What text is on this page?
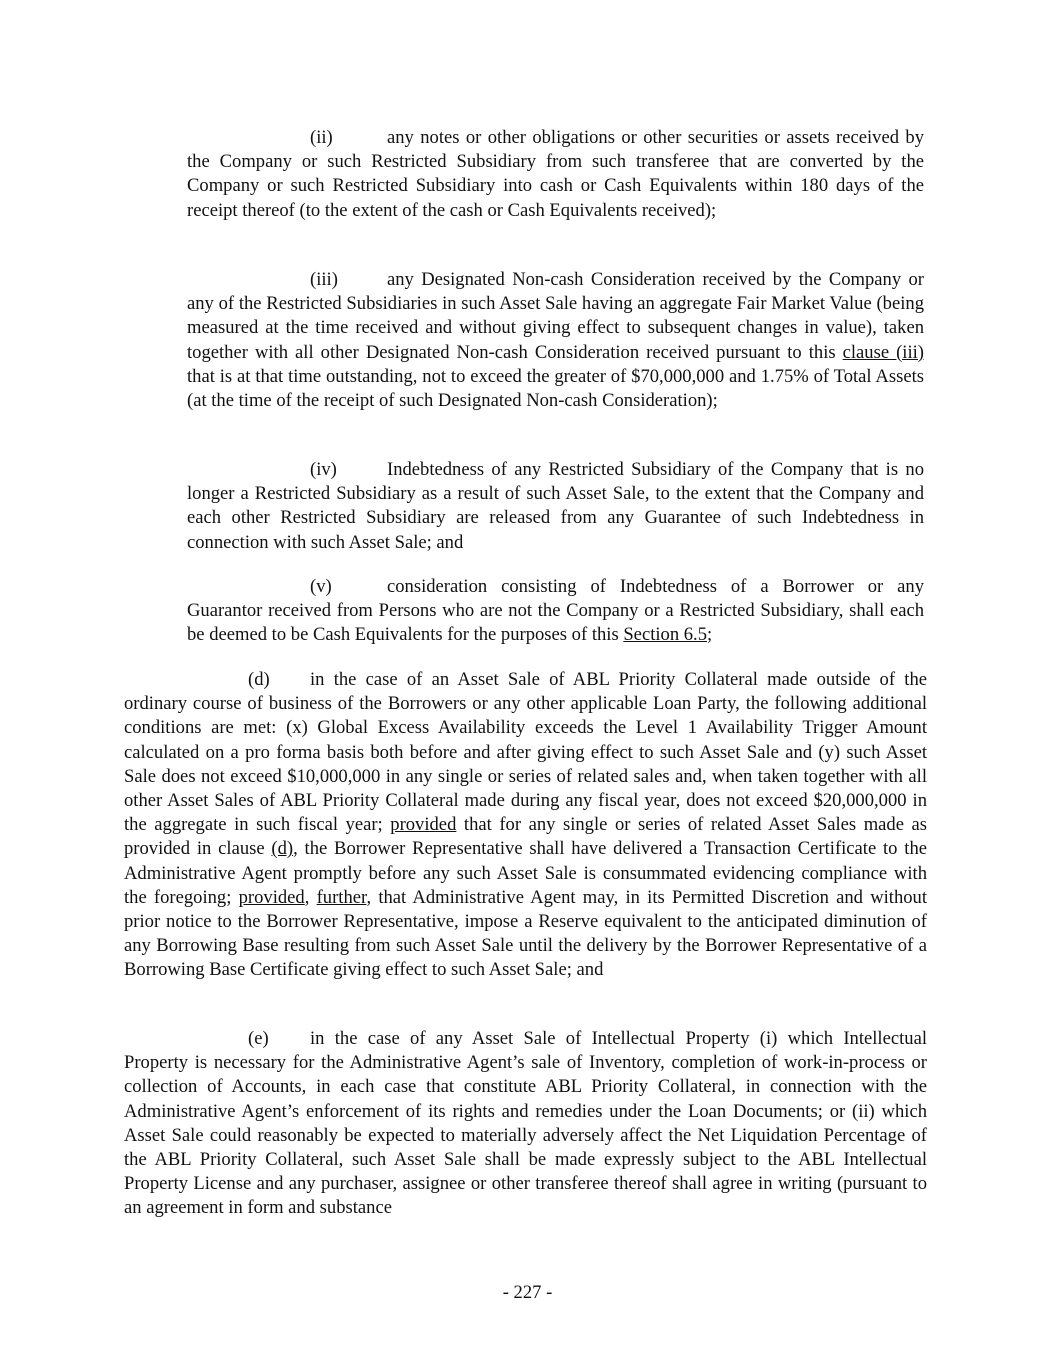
(ii)	any notes or other obligations or other securities or assets received by the Company or such Restricted Subsidiary from such transferee that are converted by the Company or such Restricted Subsidiary into cash or Cash Equivalents within 180 days of the receipt thereof (to the extent of the cash or Cash Equivalents received);

(iii)	any Designated Non-cash Consideration received by the Company or any of the Restricted Subsidiaries in such Asset Sale having an aggregate Fair Market Value (being measured at the time received and without giving effect to subsequent changes in value), taken together with all other Designated Non-cash Consideration received pursuant to this clause (iii) that is at that time outstanding, not to exceed the greater of $70,000,000 and 1.75% of Total Assets (at the time of the receipt of such Designated Non-cash Consideration);

(iv)	Indebtedness of any Restricted Subsidiary of the Company that is no longer a Restricted Subsidiary as a result of such Asset Sale, to the extent that the Company and each other Restricted Subsidiary are released from any Guarantee of such Indebtedness in connection with such Asset Sale; and

(v)	consideration consisting of Indebtedness of a Borrower or any Guarantor received from Persons who are not the Company or a Restricted Subsidiary, shall each be deemed to be Cash Equivalents for the purposes of this Section 6.5;

(d) in the case of an Asset Sale of ABL Priority Collateral made outside of the ordinary course of business of the Borrowers or any other applicable Loan Party, the following additional conditions are met: (x) Global Excess Availability exceeds the Level 1 Availability Trigger Amount calculated on a pro forma basis both before and after giving effect to such Asset Sale and (y) such Asset Sale does not exceed $10,000,000 in any single or series of related sales and, when taken together with all other Asset Sales of ABL Priority Collateral made during any fiscal year, does not exceed $20,000,000 in the aggregate in such fiscal year; provided that for any single or series of related Asset Sales made as provided in clause (d), the Borrower Representative shall have delivered a Transaction Certificate to the Administrative Agent promptly before any such Asset Sale is consummated evidencing compliance with the foregoing; provided, further, that Administrative Agent may, in its Permitted Discretion and without prior notice to the Borrower Representative, impose a Reserve equivalent to the anticipated diminution of any Borrowing Base resulting from such Asset Sale until the delivery by the Borrower Representative of a Borrowing Base Certificate giving effect to such Asset Sale; and

(e) in the case of any Asset Sale of Intellectual Property (i) which Intellectual Property is necessary for the Administrative Agent’s sale of Inventory, completion of work-in-process or collection of Accounts, in each case that constitute ABL Priority Collateral, in connection with the Administrative Agent’s enforcement of its rights and remedies under the Loan Documents; or (ii) which Asset Sale could reasonably be expected to materially adversely affect the Net Liquidation Percentage of the ABL Priority Collateral, such Asset Sale shall be made expressly subject to the ABL Intellectual Property License and any purchaser, assignee or other transferee thereof shall agree in writing (pursuant to an agreement in form and substance

- 227 -
